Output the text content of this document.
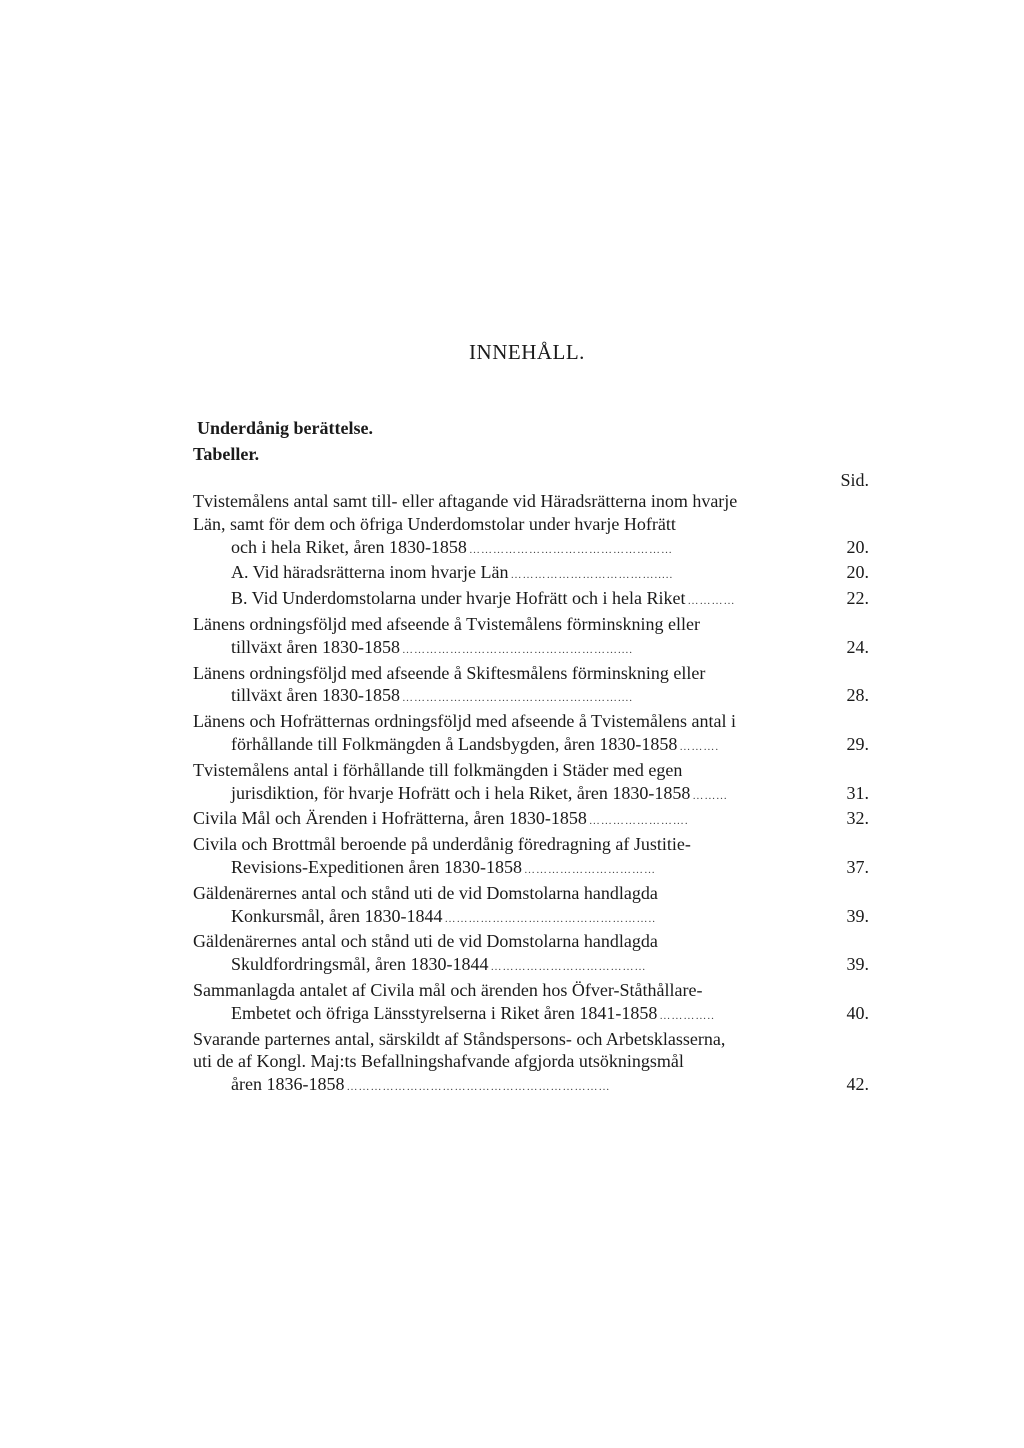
INNEHÅLL.
Underdånig berättelse.
Tabeller.
Sid.
Tvistemålens antal samt till- eller aftagande vid Häradsrätterna inom hvarje
Län, samt för dem och öfriga Underdomstolar under hvarje Hofrätt
och i hela Riket, åren 1830-1858 ……………………………………………	20.
A. Vid häradsrätterna inom hvarje Län ……………………………….....	20.
B. Vid Underdomstolarna under hvarje Hofrätt och i hela Riket …………	22.
Länens ordningsföljd med afseende å Tvistemålens förminskning eller
tillväxt åren 1830-1858 ………………………………………………....	24.
Länens ordningsföljd med afseende å Skiftesmålens förminskning eller
tillväxt åren 1830-1858 ………………………………………………....	28.
Länens och Hofrätternas ordningsföljd med afseende å Tvistemålens antal i
förhållande till Folkmängden å Landsbygden, åren 1830-1858 ……….	29.
Tvistemålens antal i förhållande till folkmängden i Städer med egen
jurisdiktion, för hvarje Hofrätt och i hela Riket, åren 1830-1858 ……...	31.
Civila Mål och Ärenden i Hofrätterna, åren 1830-1858 …………………….	32.
Civila och Brottmål beroende på underdånig föredragning af Justitie-
Revisions-Expeditionen åren 1830-1858 ……………………………	37.
Gäldenärernes antal och stånd uti de vid Domstolarna handlagda
Konkursmål, åren 1830-1844 ……………………………………………..	39.
Gäldenärernes antal och stånd uti de vid Domstolarna handlagda
Skuldfordringsmål, åren 1830-1844 …………………………………	39.
Sammanlagda antalet af Civila mål och ärenden hos Öfver-Ståthållare-
Embetet och öfriga Länsstyrelserna i Riket åren 1841-1858 …………..	40.
Svarande parternes antal, särskildt af Ståndspersons- och Arbetsklasserna,
uti de af Kongl. Maj:ts Befallningshafvande afgjorda utsökningsmål
åren 1836-1858 …………………………………………………………	42.
